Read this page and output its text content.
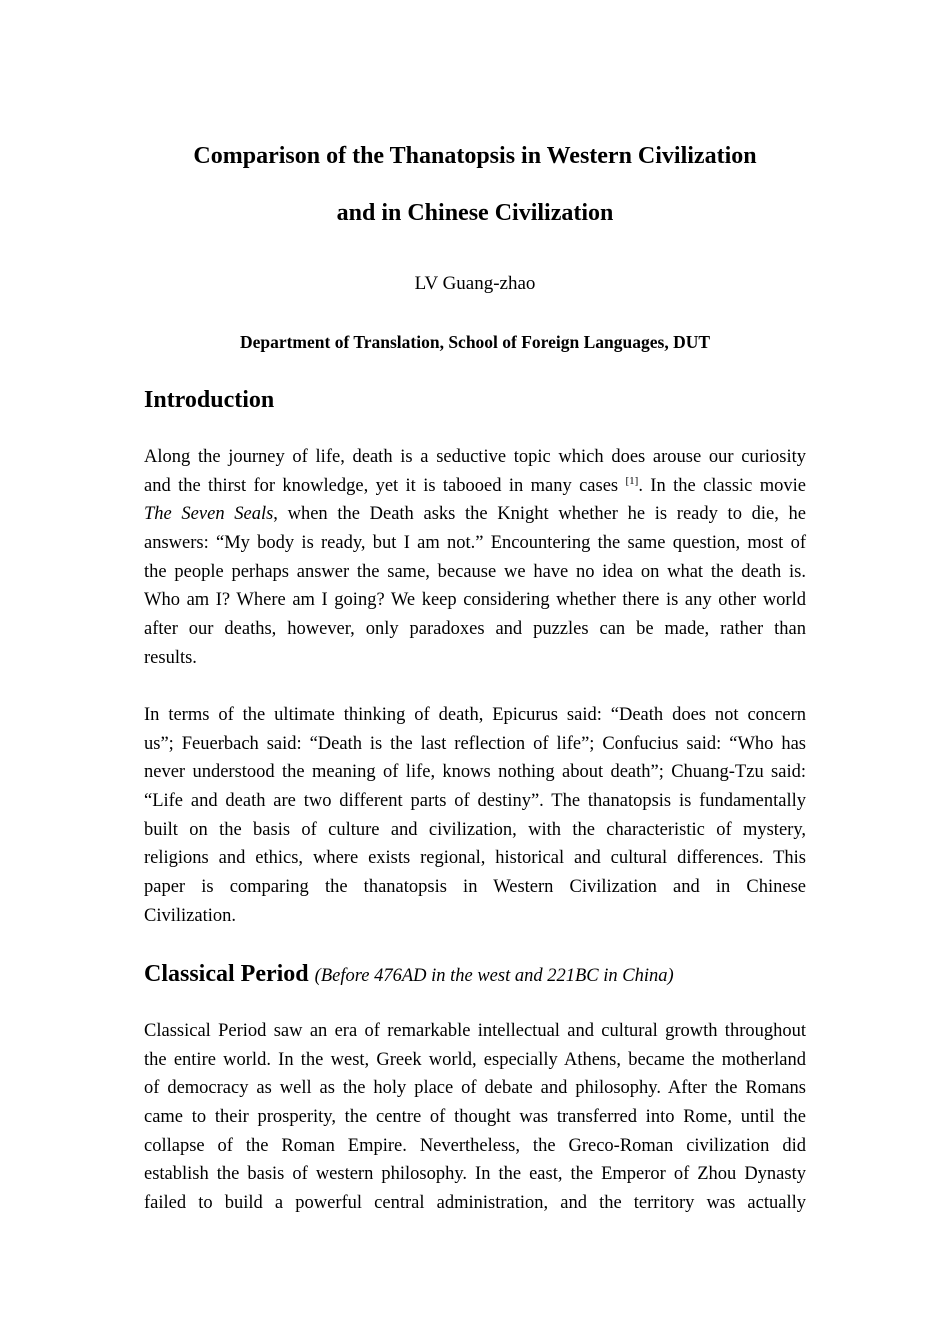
Comparison of the Thanatopsis in Western Civilization
and in Chinese Civilization
LV Guang-zhao
Department of Translation, School of Foreign Languages, DUT
Introduction
Along the journey of life, death is a seductive topic which does arouse our curiosity
and the thirst for knowledge, yet it is tabooed in many cases [1]. In the classic movie
The Seven Seals, when the Death asks the Knight whether he is ready to die, he
answers: “My body is ready, but I am not.” Encountering the same question, most of
the people perhaps answer the same, because we have no idea on what the death is.
Who am I? Where am I going? We keep considering whether there is any other world
after our deaths, however, only paradoxes and puzzles can be made, rather than
results.
In terms of the ultimate thinking of death, Epicurus said: “Death does not concern
us”; Feuerbach said: “Death is the last reflection of life”; Confucius said: “Who has
never understood the meaning of life, knows nothing about death”; Chuang-Tzu said:
“Life and death are two different parts of destiny”. The thanatopsis is fundamentally
built on the basis of culture and civilization, with the characteristic of mystery,
religions and ethics, where exists regional, historical and cultural differences. This
paper is comparing the thanatopsis in Western Civilization and in Chinese
Civilization.
Classical Period (Before 476AD in the west and 221BC in China)
Classical Period saw an era of remarkable intellectual and cultural growth throughout
the entire world. In the west, Greek world, especially Athens, became the motherland
of democracy as well as the holy place of debate and philosophy. After the Romans
came to their prosperity, the centre of thought was transferred into Rome, until the
collapse of the Roman Empire. Nevertheless, the Greco-Roman civilization did
establish the basis of western philosophy. In the east, the Emperor of Zhou Dynasty
failed to build a powerful central administration, and the territory was actually
